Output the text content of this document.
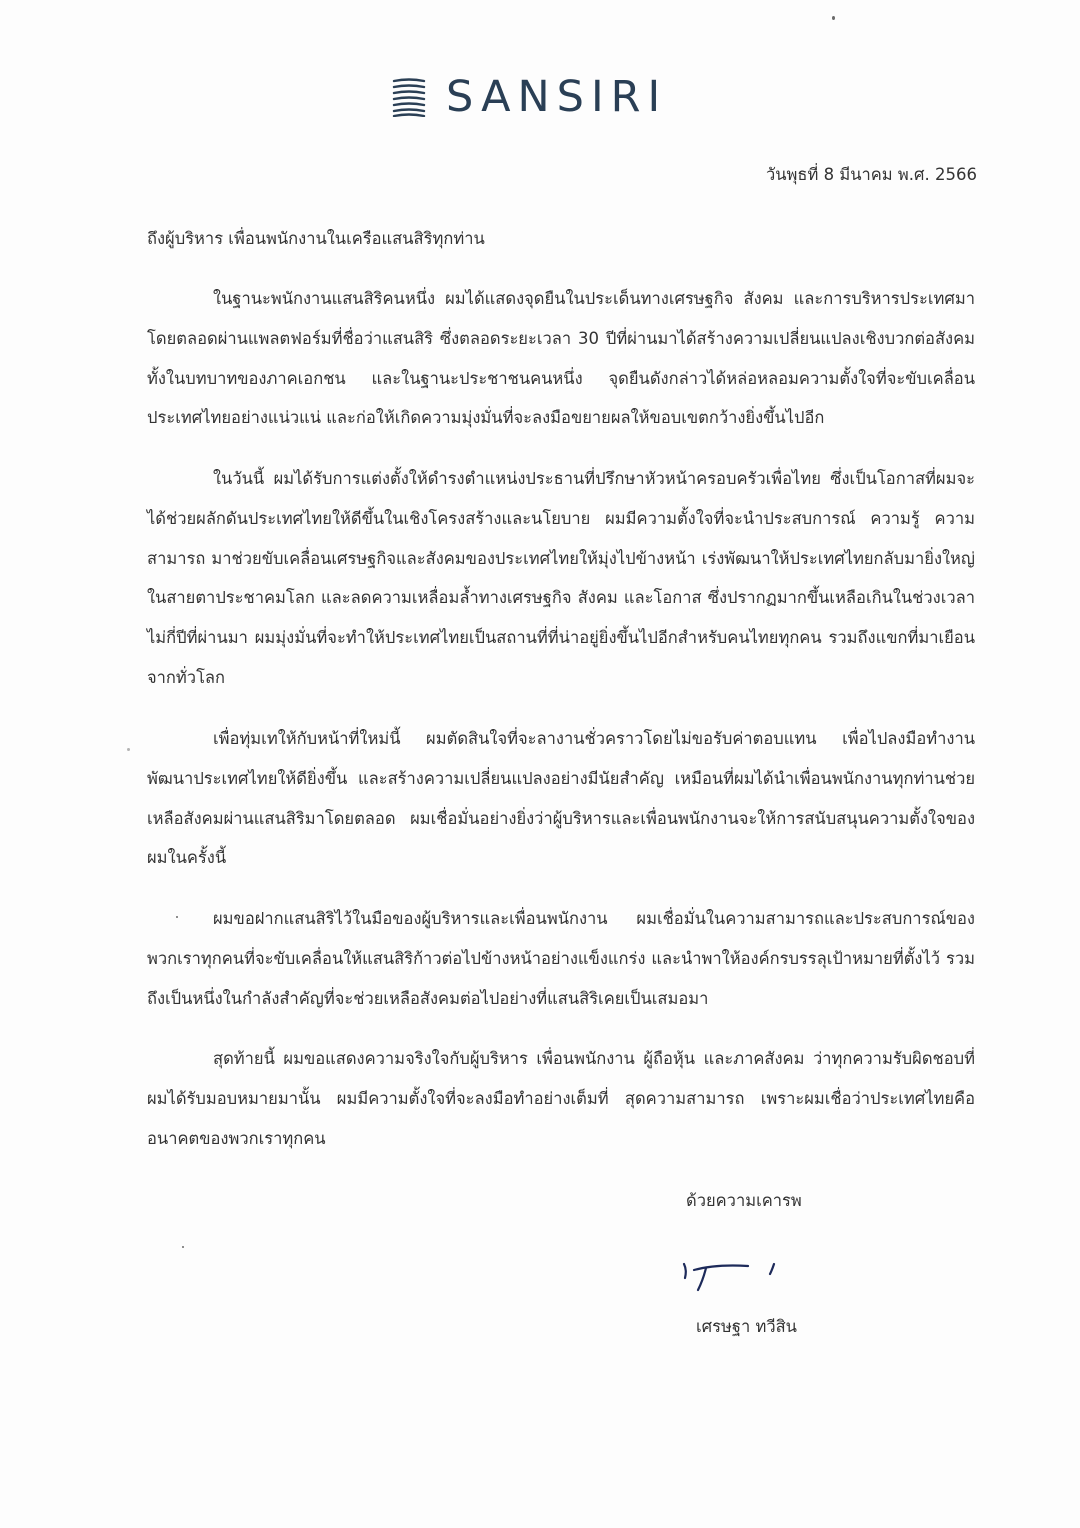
SANSIRI
วันพุธที่ 8 มีนาคม พ.ศ. 2566
ถึงผู้บริหาร เพื่อนพนักงานในเครือแสนสิริทุกท่าน

ในฐานะพนักงานแสนสิริคนหนึ่ง ผมได้แสดงจุดยืนในประเด็นทางเศรษฐกิจ สังคม และการบริหารประเทศมาโดยตลอดผ่านแพลตฟอร์มที่ชื่อว่าแสนสิริ ซึ่งตลอดระยะเวลา 30 ปีที่ผ่านมาได้สร้างความเปลี่ยนแปลงเชิงบวกต่อสังคม ทั้งในบทบาทของภาคเอกชน และในฐานะประชาชนคนหนึ่ง จุดยืนดังกล่าวได้หล่อหลอมความตั้งใจที่จะขับเคลื่อนประเทศไทยอย่างแน่วแน่ และก่อให้เกิดความมุ่งมั่นที่จะลงมือขยายผลให้ขอบเขตกว้างยิ่งขึ้นไปอีก

ในวันนี้ ผมได้รับการแต่งตั้งให้ดำรงตำแหน่งประธานที่ปรึกษาหัวหน้าครอบครัวเพื่อไทย ซึ่งเป็นโอกาสที่ผมจะได้ช่วยผลักดันประเทศไทยให้ดีขึ้นในเชิงโครงสร้างและนโยบาย ผมมีความตั้งใจที่จะนำประสบการณ์ ความรู้ ความสามารถ มาช่วยขับเคลื่อนเศรษฐกิจและสังคมของประเทศไทยให้มุ่งไปข้างหน้า เร่งพัฒนาให้ประเทศไทยกลับมายิ่งใหญ่ในสายตาประชาคมโลก และลดความเหลื่อมล้ำทางเศรษฐกิจ สังคม และโอกาส ซึ่งปรากฏมากขึ้นเหลือเกินในช่วงเวลาไม่กี่ปีที่ผ่านมา ผมมุ่งมั่นที่จะทำให้ประเทศไทยเป็นสถานที่ที่น่าอยู่ยิ่งขึ้นไปอีกสำหรับคนไทยทุกคน รวมถึงแขกที่มาเยือนจากทั่วโลก

เพื่อทุ่มเทให้กับหน้าที่ใหม่นี้ ผมตัดสินใจที่จะลางานชั่วคราวโดยไม่ขอรับค่าตอบแทน เพื่อไปลงมือทำงานพัฒนาประเทศไทยให้ดียิ่งขึ้น และสร้างความเปลี่ยนแปลงอย่างมีนัยสำคัญ เหมือนที่ผมได้นำเพื่อนพนักงานทุกท่านช่วยเหลือสังคมผ่านแสนสิริมาโดยตลอด ผมเชื่อมั่นอย่างยิ่งว่าผู้บริหารและเพื่อนพนักงานจะให้การสนับสนุนความตั้งใจของผมในครั้งนี้

ผมขอฝากแสนสิริไว้ในมือของผู้บริหารและเพื่อนพนักงาน ผมเชื่อมั่นในความสามารถและประสบการณ์ของพวกเราทุกคนที่จะขับเคลื่อนให้แสนสิริก้าวต่อไปข้างหน้าอย่างแข็งแกร่ง และนำพาให้องค์กรบรรลุเป้าหมายที่ตั้งไว้ รวมถึงเป็นหนึ่งในกำลังสำคัญที่จะช่วยเหลือสังคมต่อไปอย่างที่แสนสิริเคยเป็นเสมอมา

สุดท้ายนี้ ผมขอแสดงความจริงใจกับผู้บริหาร เพื่อนพนักงาน ผู้ถือหุ้น และภาคสังคม ว่าทุกความรับผิดชอบที่ผมได้รับมอบหมายมานั้น ผมมีความตั้งใจที่จะลงมือทำอย่างเต็มที่ สุดความสามารถ เพราะผมเชื่อว่าประเทศไทยคืออนาคตของพวกเราทุกคน

ด้วยความเคารพ
เศรษฐา ทวีสิน
